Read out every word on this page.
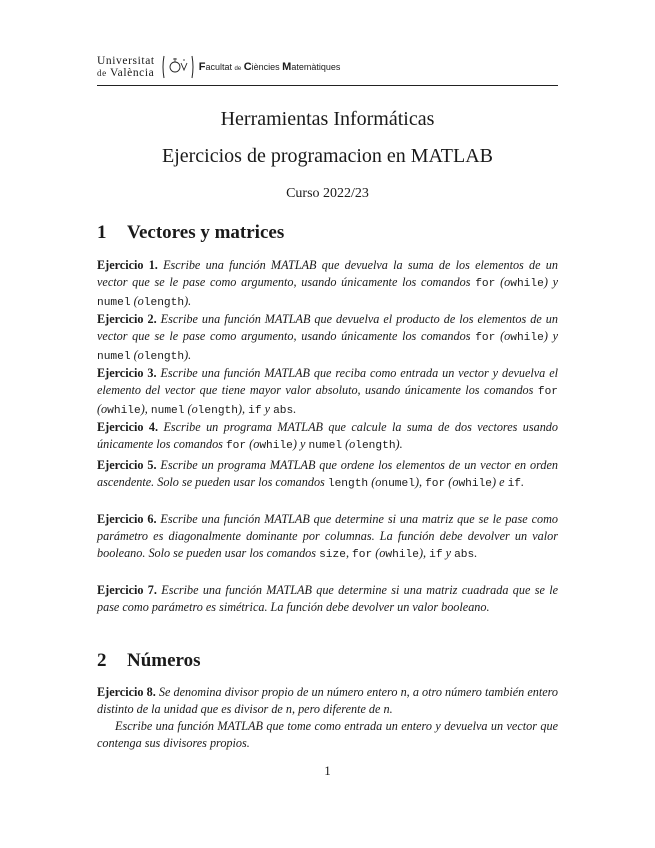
Universitat
de València	Facultat de Ciències Matemàtiques
Herramientas Informáticas
Ejercicios de programacion en MATLAB
Curso 2022/23
1 Vectores y matrices
Ejercicio 1. Escribe una función MATLAB que devuelva la suma de los elementos de un vector que se le pase como argumento, usando únicamente los comandos for (owhile) y numel (olength).
Ejercicio 2. Escribe una función MATLAB que devuelva el producto de los elementos de un vector que se le pase como argumento, usando únicamente los comandos for (owhile) y numel (olength).
Ejercicio 3. Escribe una función MATLAB que reciba como entrada un vector y devuelva el elemento del vector que tiene mayor valor absoluto, usando únicamente los comandos for (owhile), numel (olength), if y abs.
Ejercicio 4. Escribe un programa MATLAB que calcule la suma de dos vectores usando únicamente los comandos for (owhile) y numel (olength).
Ejercicio 5. Escribe un programa MATLAB que ordene los elementos de un vector en orden ascendente. Solo se pueden usar los comandos length (onumel), for (owhile) e if.
Ejercicio 6. Escribe una función MATLAB que determine si una matriz que se le pase como parámetro es diagonalmente dominante por columnas. La función debe devolver un valor booleano. Solo se pueden usar los comandos size, for (owhile), if y abs.
Ejercicio 7. Escribe una función MATLAB que determine si una matriz cuadrada que se le pase como parámetro es simétrica. La función debe devolver un valor booleano.
2 Números
Ejercicio 8. Se denomina divisor propio de un número entero n, a otro número también entero distinto de la unidad que es divisor de n, pero diferente de n.
Escribe una función MATLAB que tome como entrada un entero y devuelva un vector que contenga sus divisores propios.
1
